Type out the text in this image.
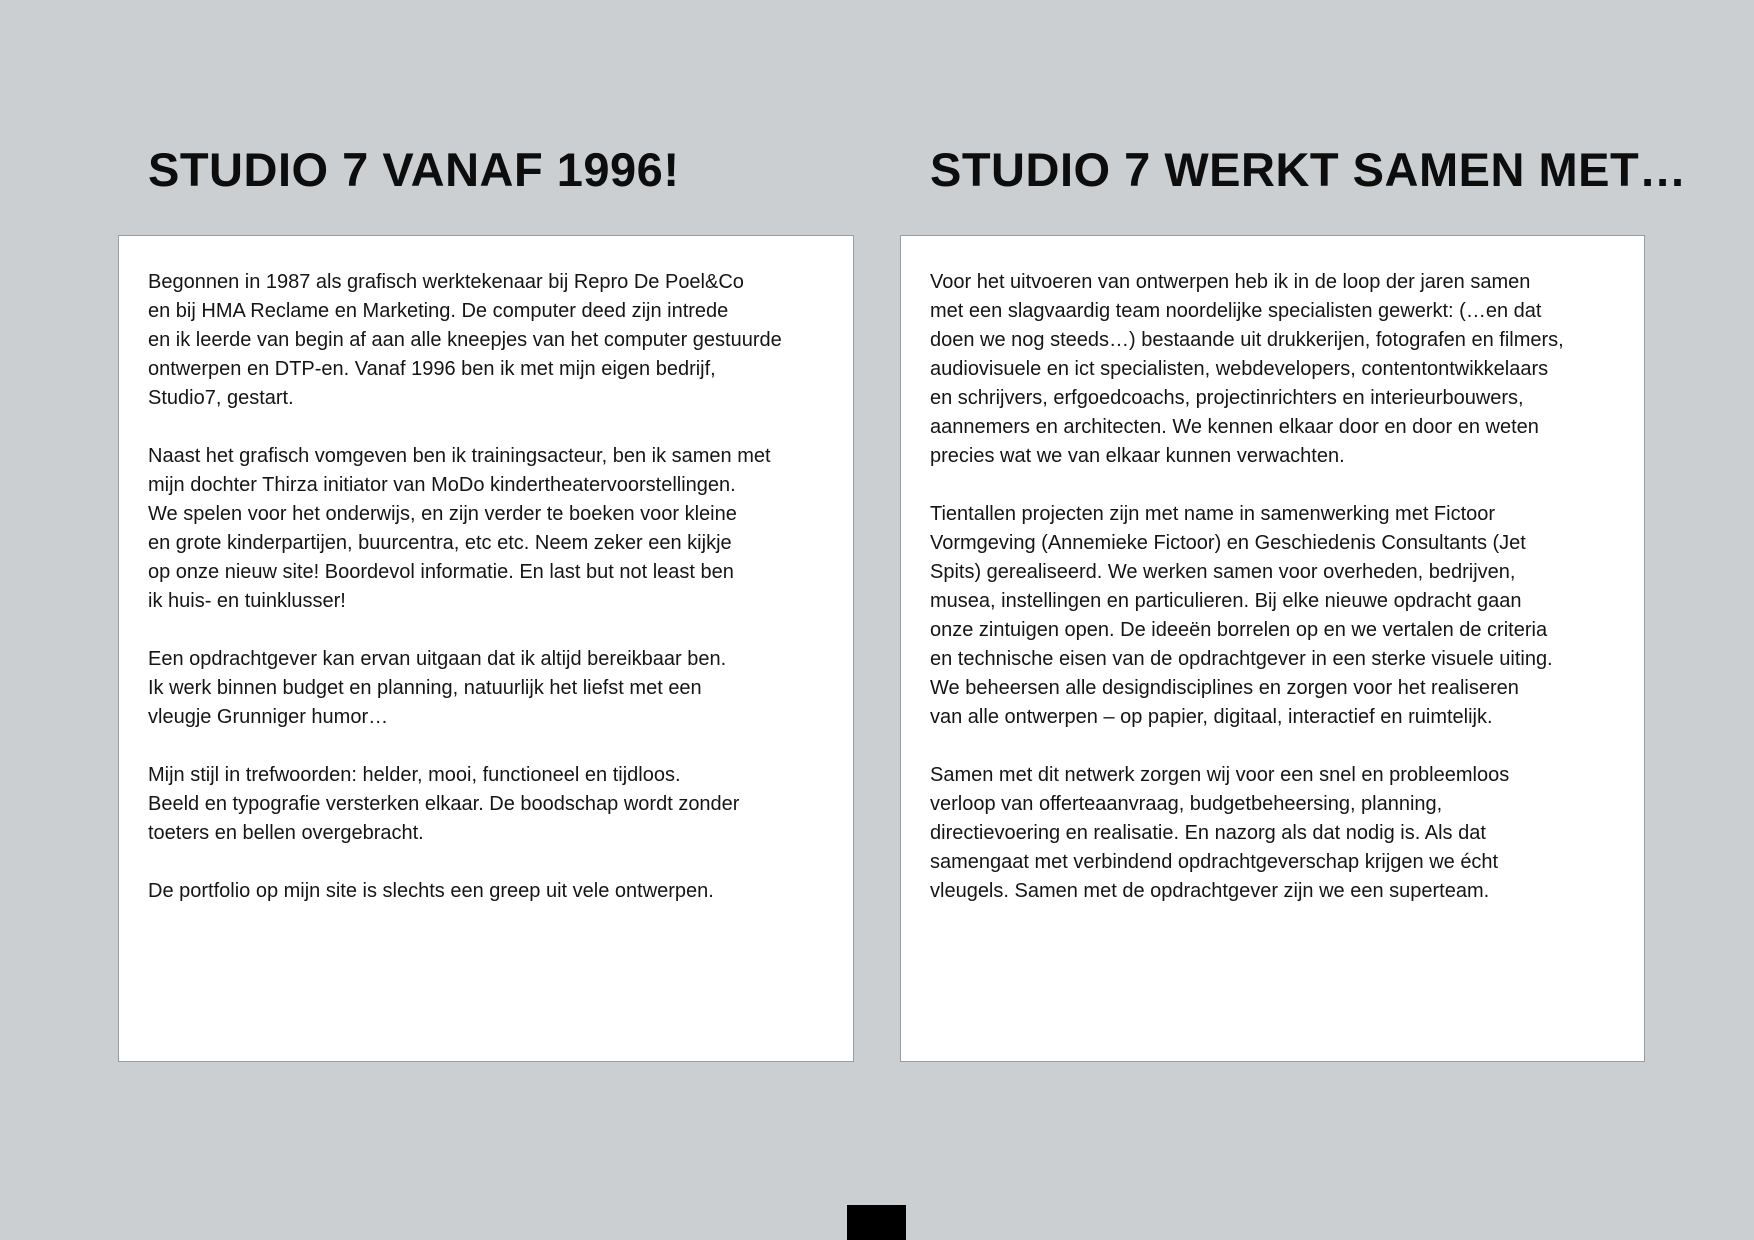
STUDIO 7 VANAF 1996!	STUDIO 7 WERKT SAMEN MET…

Begonnen in 1987 als grafisch werktekenaar bij Repro De Poel&Co
en bij HMA Reclame en Marketing. De computer deed zijn intrede
en ik leerde van begin af aan alle kneepjes van het computer gestuurde
ontwerpen en DTP-en. Vanaf 1996 ben ik met mijn eigen bedrijf,
Studio7, gestart.

Naast het grafisch vomgeven ben ik trainingsacteur, ben ik samen met
mijn dochter Thirza initiator van MoDo kindertheatervoorstellingen.
We spelen voor het onderwijs, en zijn verder te boeken voor kleine
en grote kinderpartijen, buurcentra, etc etc. Neem zeker een kijkje
op onze nieuw site! Boordevol informatie. En last but not least ben
ik huis- en tuinklusser!

Een opdrachtgever kan ervan uitgaan dat ik altijd bereikbaar ben.
Ik werk binnen budget en planning, natuurlijk het liefst met een
vleugje Grunniger humor…

Mijn stijl in trefwoorden: helder, mooi, functioneel en tijdloos.
Beeld en typografie versterken elkaar. De boodschap wordt zonder
toeters en bellen overgebracht.

De portfolio op mijn site is slechts een greep uit vele ontwerpen.

Voor het uitvoeren van ontwerpen heb ik in de loop der jaren samen
met een slagvaardig team noordelijke specialisten gewerkt: (…en dat
doen we nog steeds…) bestaande uit drukkerijen, fotografen en filmers,
audiovisuele en ict specialisten, webdevelopers, contentontwikkelaars
en schrijvers, erfgoedcoachs, projectinrichters en interieurbouwers,
aannemers en architecten. We kennen elkaar door en door en weten
precies wat we van elkaar kunnen verwachten.

Tientallen projecten zijn met name in samenwerking met Fictoor
Vormgeving (Annemieke Fictoor) en Geschiedenis Consultants (Jet
Spits) gerealiseerd. We werken samen voor overheden, bedrijven,
musea, instellingen en particulieren. Bij elke nieuwe opdracht gaan
onze zintuigen open. De ideeën borrelen op en we vertalen de criteria
en technische eisen van de opdrachtgever in een sterke visuele uiting.
We beheersen alle designdisciplines en zorgen voor het realiseren
van alle ontwerpen – op papier, digitaal, interactief en ruimtelijk.

Samen met dit netwerk zorgen wij voor een snel en probleemloos
verloop van offerteaanvraag, budgetbeheersing, planning,
directievoering en realisatie. En nazorg als dat nodig is. Als dat
samengaat met verbindend opdrachtgeverschap krijgen we écht
vleugels. Samen met de opdrachtgever zijn we een superteam.
